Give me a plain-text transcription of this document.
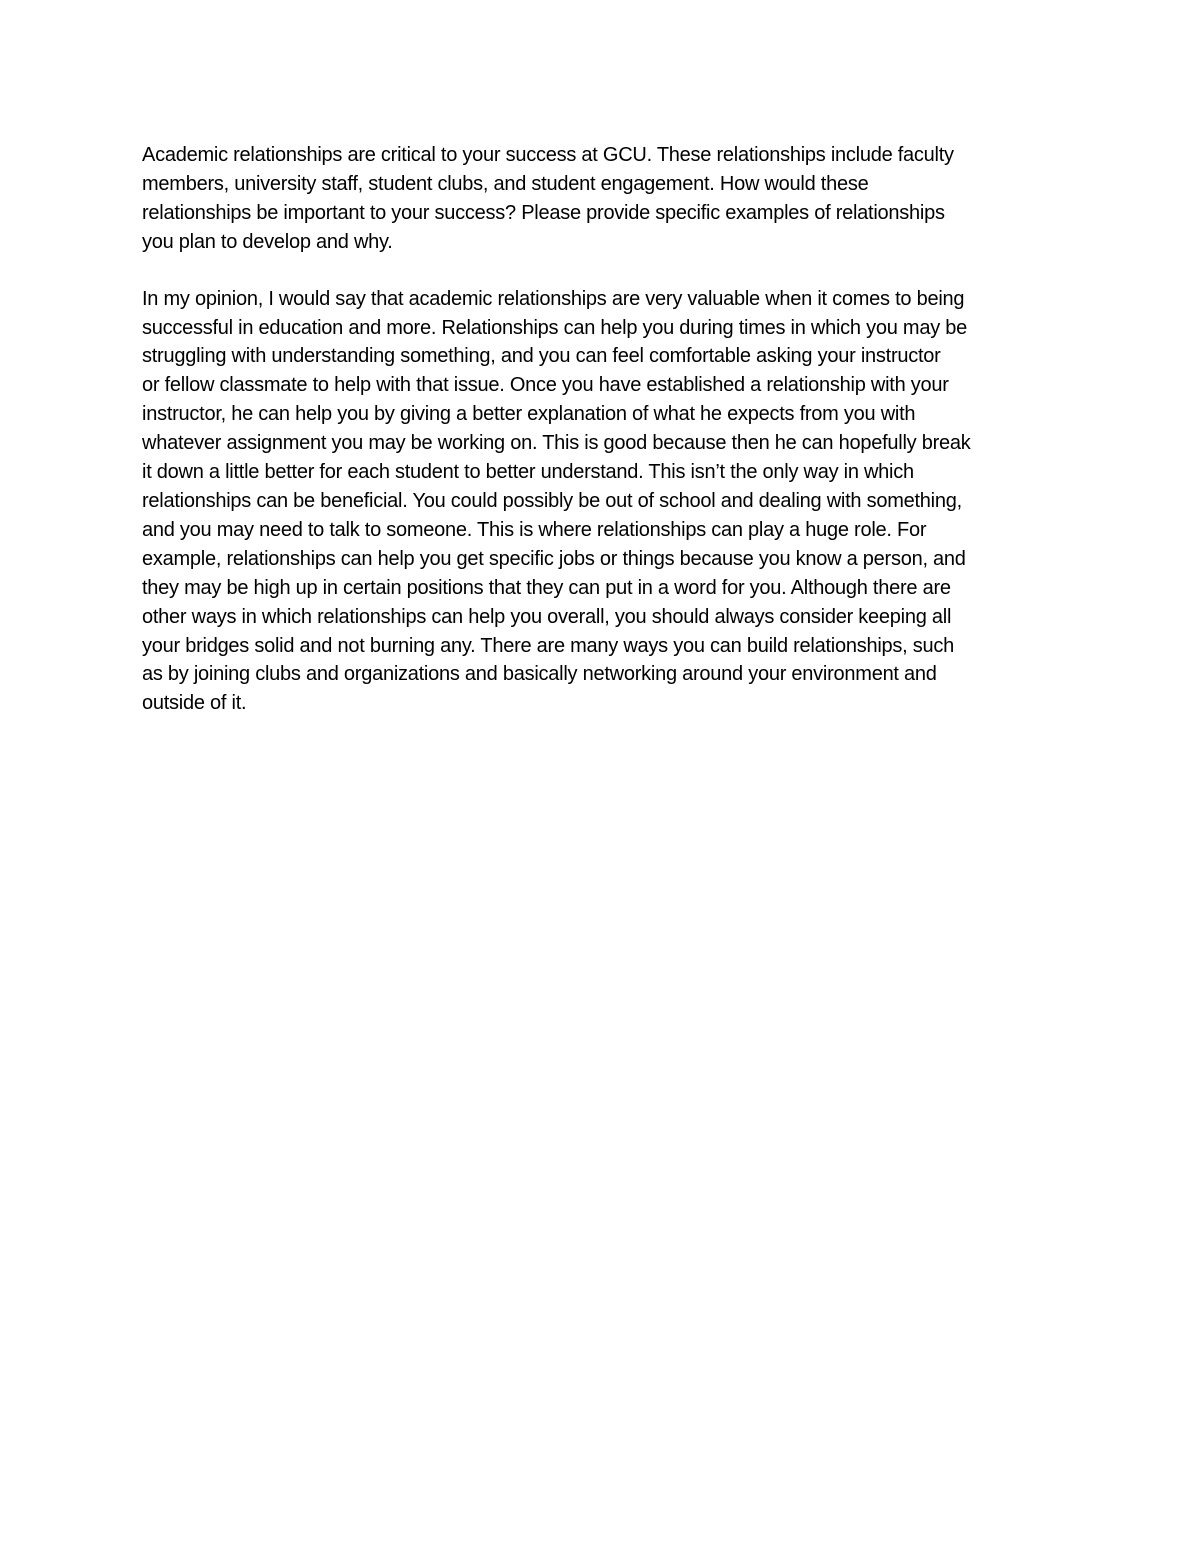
Academic relationships are critical to your success at GCU. These relationships include faculty
members, university staff, student clubs, and student engagement. How would these
relationships be important to your success? Please provide specific examples of relationships
you plan to develop and why.

In my opinion, I would say that academic relationships are very valuable when it comes to being
successful in education and more. Relationships can help you during times in which you may be
struggling with understanding something, and you can feel comfortable asking your instructor
or fellow classmate to help with that issue. Once you have established a relationship with your
instructor, he can help you by giving a better explanation of what he expects from you with
whatever assignment you may be working on. This is good because then he can hopefully break
it down a little better for each student to better understand. This isn’t the only way in which
relationships can be beneficial. You could possibly be out of school and dealing with something,
and you may need to talk to someone. This is where relationships can play a huge role. For
example, relationships can help you get specific jobs or things because you know a person, and
they may be high up in certain positions that they can put in a word for you. Although there are
other ways in which relationships can help you overall, you should always consider keeping all
your bridges solid and not burning any. There are many ways you can build relationships, such
as by joining clubs and organizations and basically networking around your environment and
outside of it.
